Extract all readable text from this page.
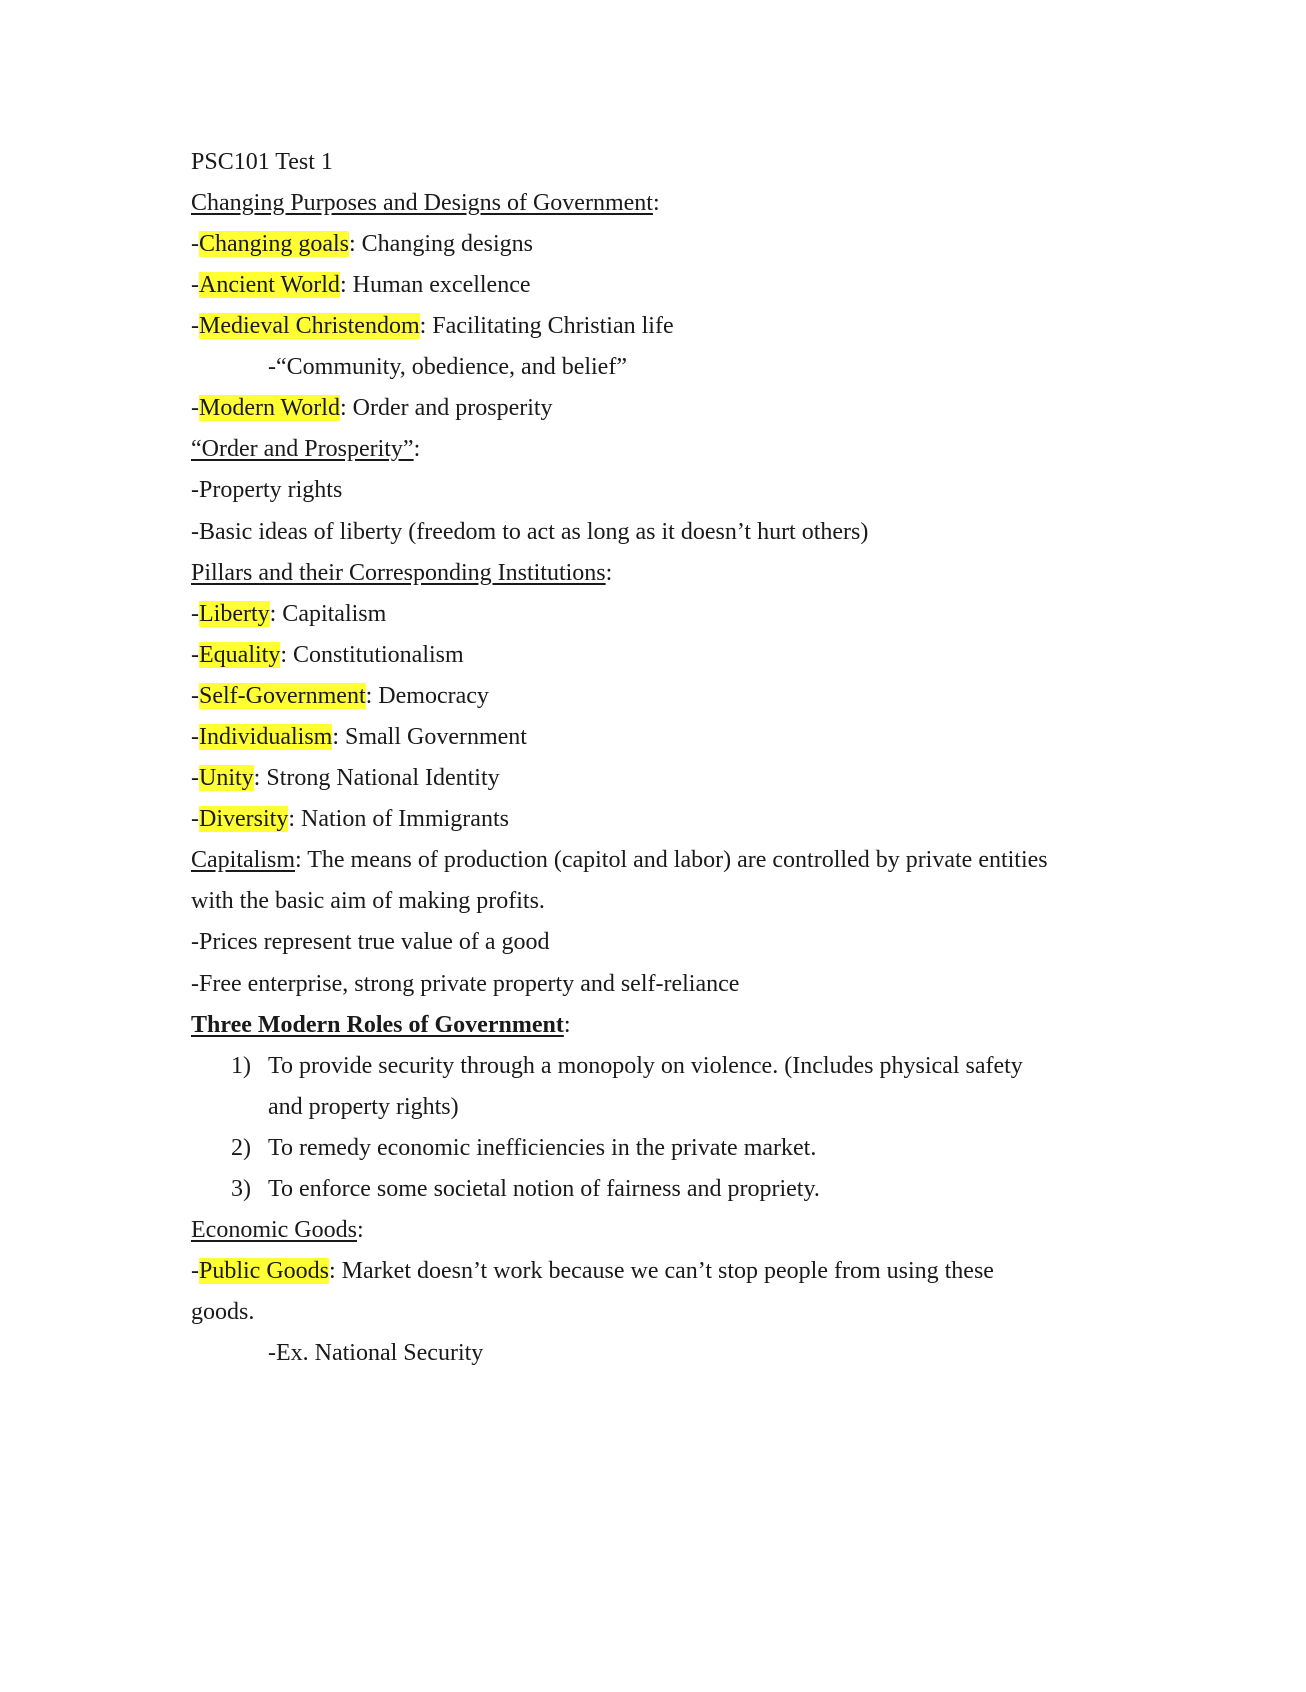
PSC101 Test 1
Changing Purposes and Designs of Government:
-Changing goals: Changing designs
-Ancient World: Human excellence
-Medieval Christendom: Facilitating Christian life
-“Community, obedience, and belief”
-Modern World: Order and prosperity
“Order and Prosperity”:
-Property rights
-Basic ideas of liberty (freedom to act as long as it doesn’t hurt others)
Pillars and their Corresponding Institutions:
-Liberty: Capitalism
-Equality: Constitutionalism
-Self-Government: Democracy
-Individualism: Small Government
-Unity: Strong National Identity
-Diversity: Nation of Immigrants
Capitalism: The means of production (capitol and labor) are controlled by private entities
with the basic aim of making profits.
-Prices represent true value of a good
-Free enterprise, strong private property and self-reliance
Three Modern Roles of Government:
1) To provide security through a monopoly on violence. (Includes physical safety
and property rights)
2) To remedy economic inefficiencies in the private market.
3) To enforce some societal notion of fairness and propriety.
Economic Goods:
-Public Goods: Market doesn’t work because we can’t stop people from using these
goods.
-Ex. National Security
